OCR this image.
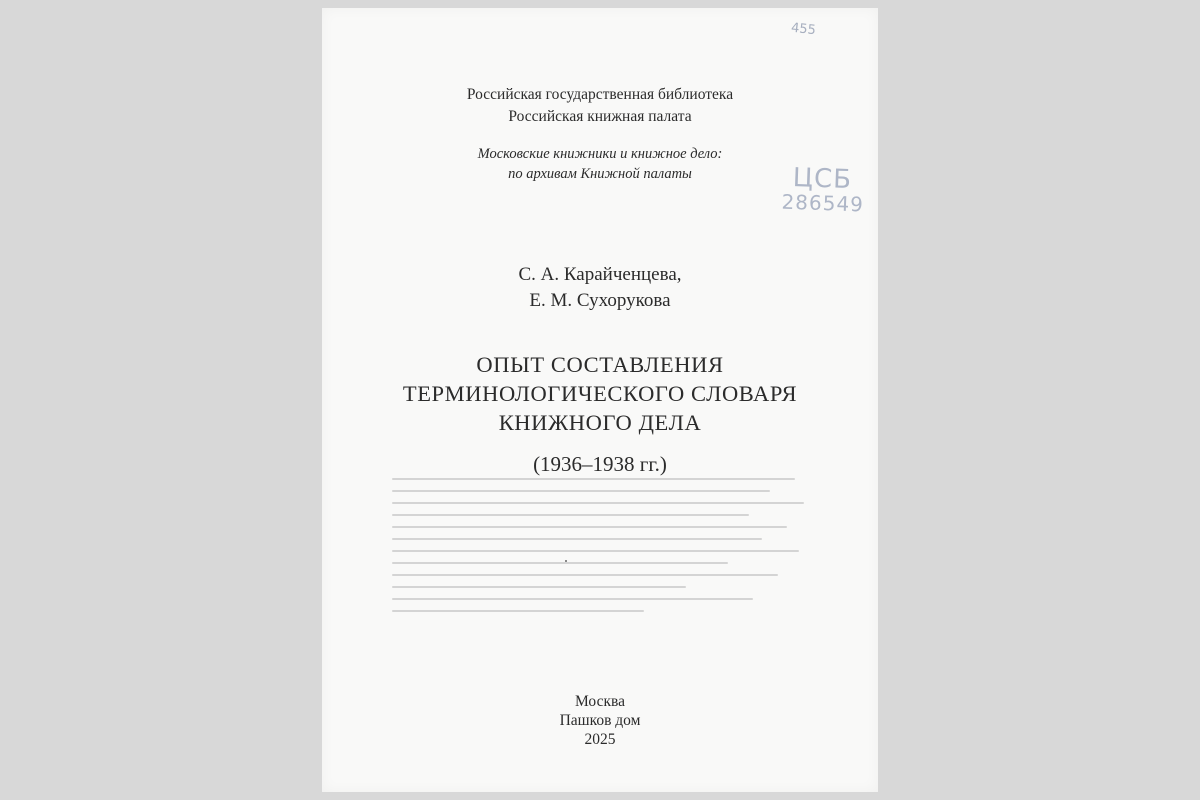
455
ЦСБ
286549
Российская государственная библиотека
Российская книжная палата
Московские книжники и книжное дело:
по архивам Книжной палаты
С. А. Карайченцева,
Е. М. Сухорукова
ОПЫТ СОСТАВЛЕНИЯ
ТЕРМИНОЛОГИЧЕСКОГО СЛОВАРЯ
КНИЖНОГО ДЕЛА
(1936–1938 гг.)
Москва
Пашков дом
2025
